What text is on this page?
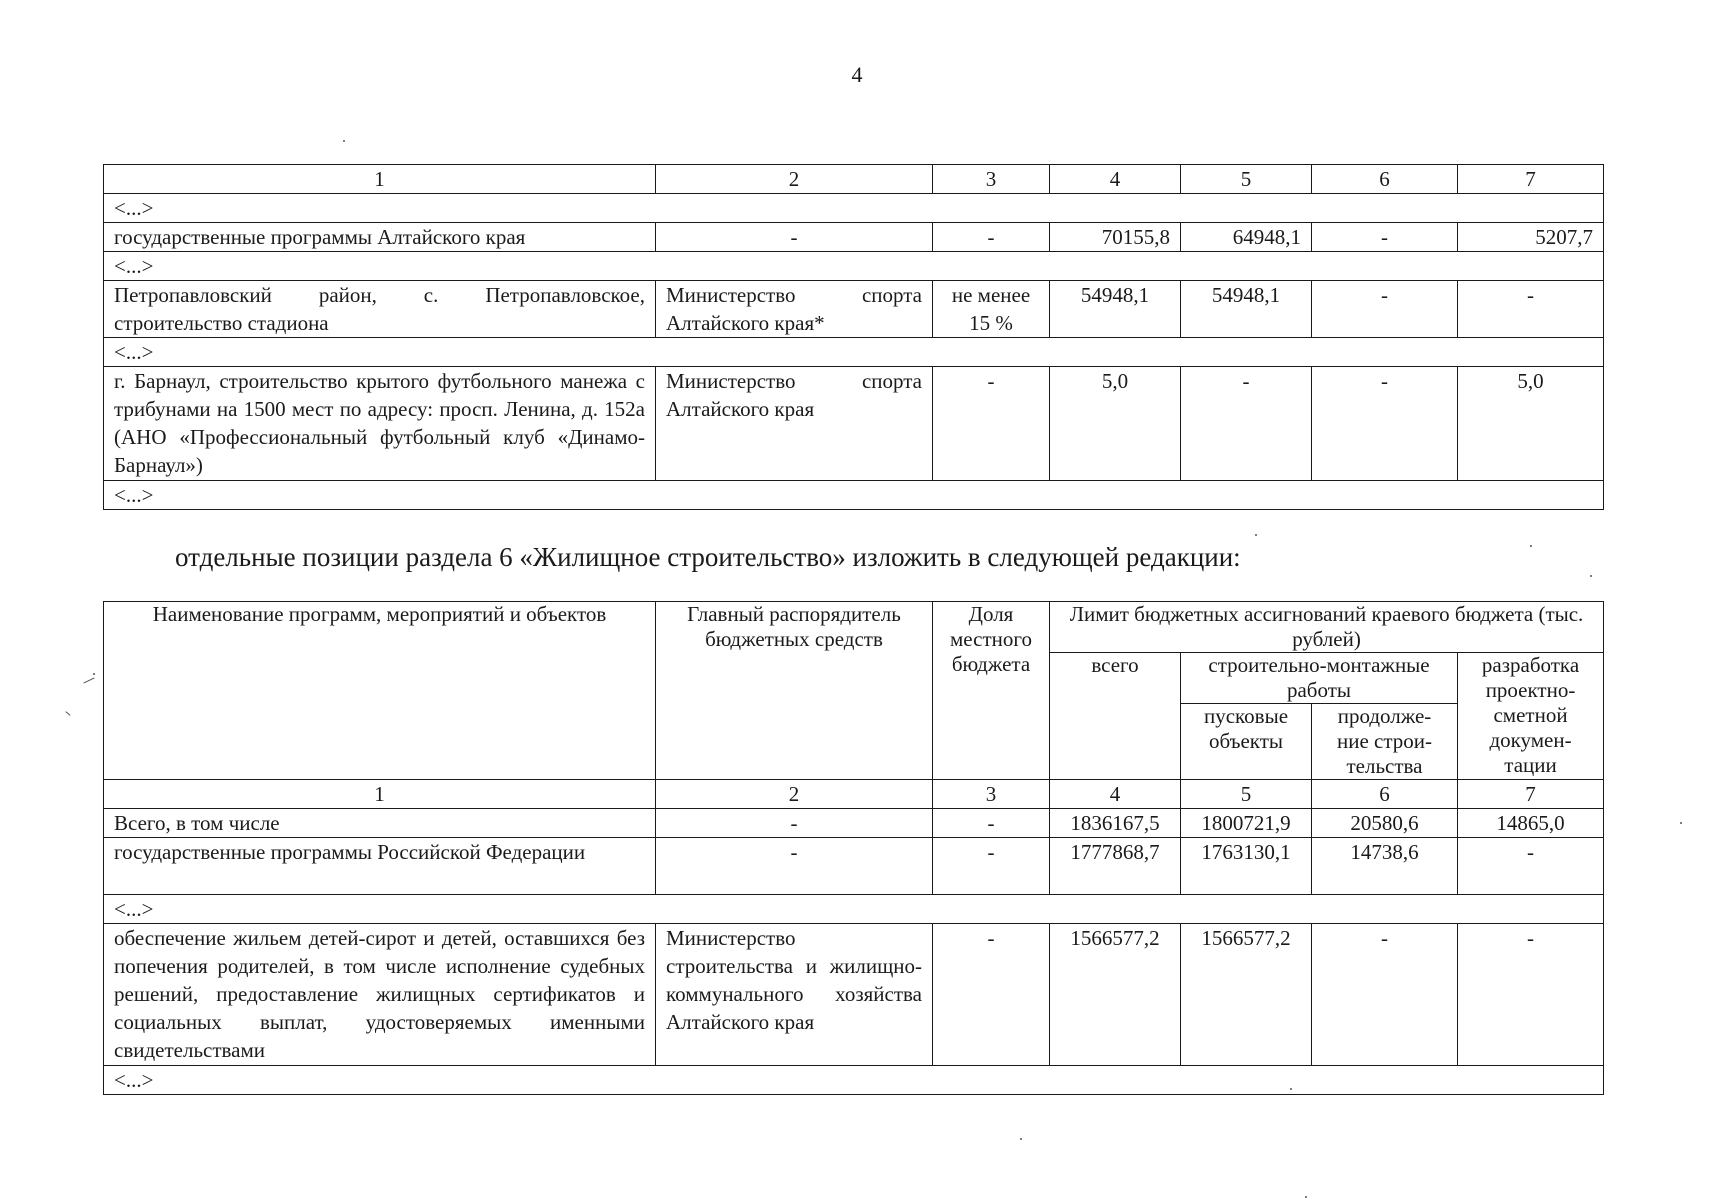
4
1	2	3	4	5	6	7
<...>						
государственные программы Алтайского края	-	-	70155,8	64948,1	-	5207,7
<...>						
Петропавловский район, с. Петропавловское, строительство стадиона	Министерство спорта Алтайского края*	не менее 15 %	54948,1	54948,1	-	-
<...>						
г. Барнаул, строительство крытого футбольного манежа с трибунами на 1500 мест по адресу: просп. Ленина, д. 152а (АНО «Профессиональный футбольный клуб «Динамо-Барнаул»)	Министерство спорта Алтайского края	-	5,0	-	-	5,0
<...>						
отдельные позиции раздела 6 «Жилищное строительство» изложить в следующей редакции:
Наименование программ, мероприятий и объектов	Главный распорядитель бюджетных средств	Доля местного бюджета	Лимит бюджетных ассигнований краевого бюджета (тыс. рублей)			
			всего	строительно-монтажные работы		разработка проектно-сметной докумен-тации
				пусковые объекты	продолже-ние строи-тельства	

1	2	3	4	5	6	7
Всего, в том числе	-	-	1836167,5	1800721,9	20580,6	14865,0
государственные программы Российской Федерации	-	-	1777868,7	1763130,1	14738,6	-
<...>						
обеспечение жильем детей-сирот и детей, оставшихся без попечения родителей, в том числе исполнение судебных решений, предоставление жилищных сертификатов и социальных выплат, удостоверяемых именными свидетельствами	Министерство строительства и жилищно-коммунального хозяйства Алтайского края	-	1566577,2	1566577,2	-	-
<...>						
